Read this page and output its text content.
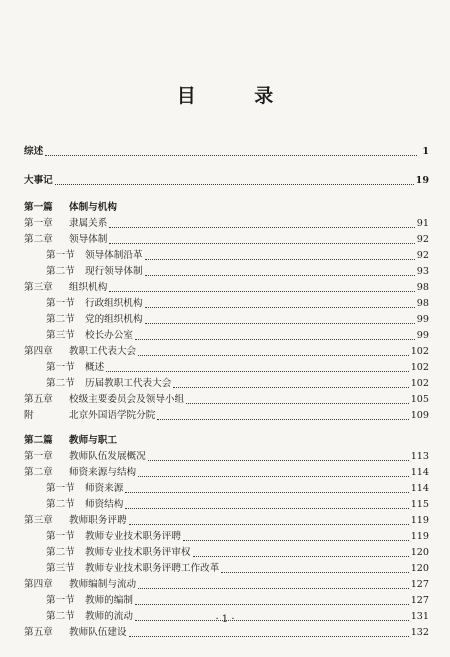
目 录
综述	1
大事记	19
第一篇	体制与机构
第一章	隶属关系	91
第二章	领导体制	92
第一节	领导体制沿革	92
第二节	现行领导体制	93
第三章	组织机构	98
第一节	行政组织机构	98
第二节	党的组织机构	99
第三节	校长办公室	99
第四章	教职工代表大会	102
第一节	概述	102
第二节	历届教职工代表大会	102
第五章	校级主要委员会及领导小组	105
附	北京外国语学院分院	109
第二篇	教师与职工
第一章	教师队伍发展概况	113
第二章	师资来源与结构	114
第一节	师资来源	114
第二节	师资结构	115
第三章	教师职务评聘	119
第一节	教师专业技术职务评聘	119
第二节	教师专业技术职务评审权	120
第三节	教师专业技术职务评聘工作改革	120
第四章	教师编制与流动	127
第一节	教师的编制	127
第二节	教师的流动	131
第五章	教师队伍建设	132
· 1 ·
